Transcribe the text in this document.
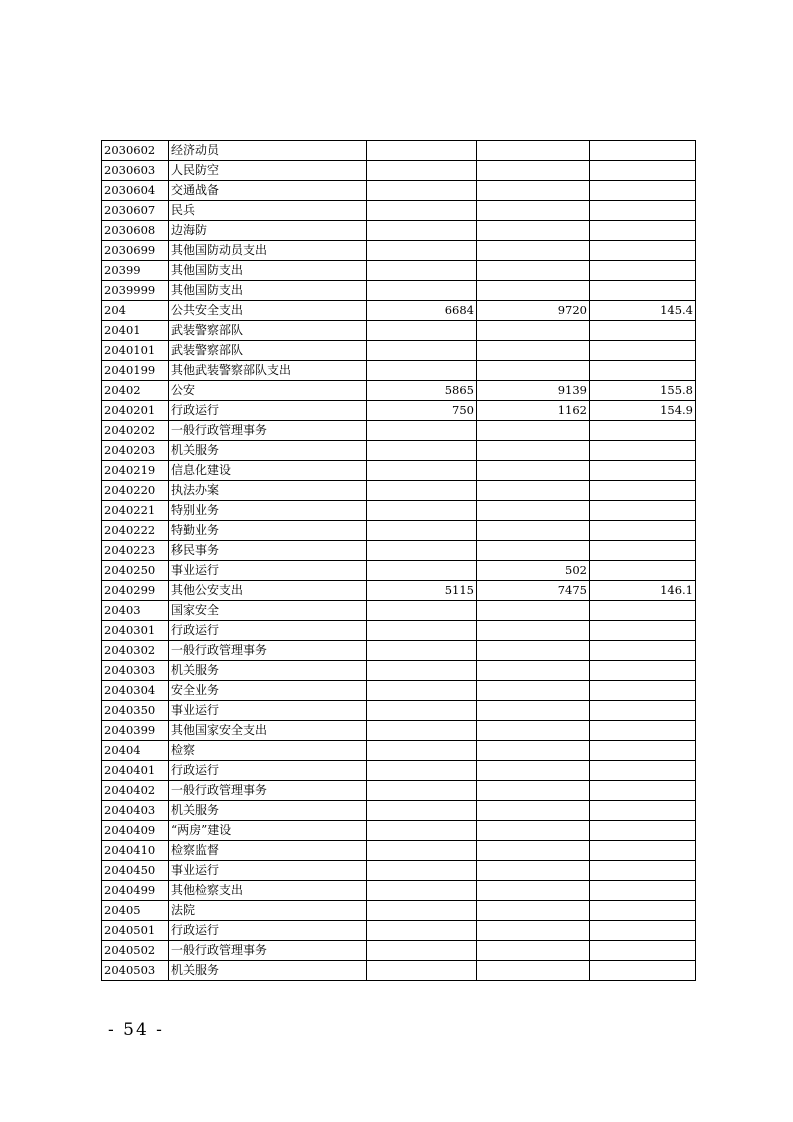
2030602	经济动员			
2030603	人民防空			
2030604	交通战备			
2030607	民兵			
2030608	边海防			
2030699	其他国防动员支出			
20399	其他国防支出			
2039999	其他国防支出			
204	公共安全支出	6684	9720	145.4
20401	武装警察部队			
2040101	武装警察部队			
2040199	其他武装警察部队支出			
20402	公安	5865	9139	155.8
2040201	行政运行	750	1162	154.9
2040202	一般行政管理事务			
2040203	机关服务			
2040219	信息化建设			
2040220	执法办案			
2040221	特别业务			
2040222	特勤业务			
2040223	移民事务			
2040250	事业运行		502	
2040299	其他公安支出	5115	7475	146.1
20403	国家安全			
2040301	行政运行			
2040302	一般行政管理事务			
2040303	机关服务			
2040304	安全业务			
2040350	事业运行			
2040399	其他国家安全支出			
20404	检察			
2040401	行政运行			
2040402	一般行政管理事务			
2040403	机关服务			
2040409	“两房”建设			
2040410	检察监督			
2040450	事业运行			
2040499	其他检察支出			
20405	法院			
2040501	行政运行			
2040502	一般行政管理事务			
2040503	机关服务			
- 54 -
